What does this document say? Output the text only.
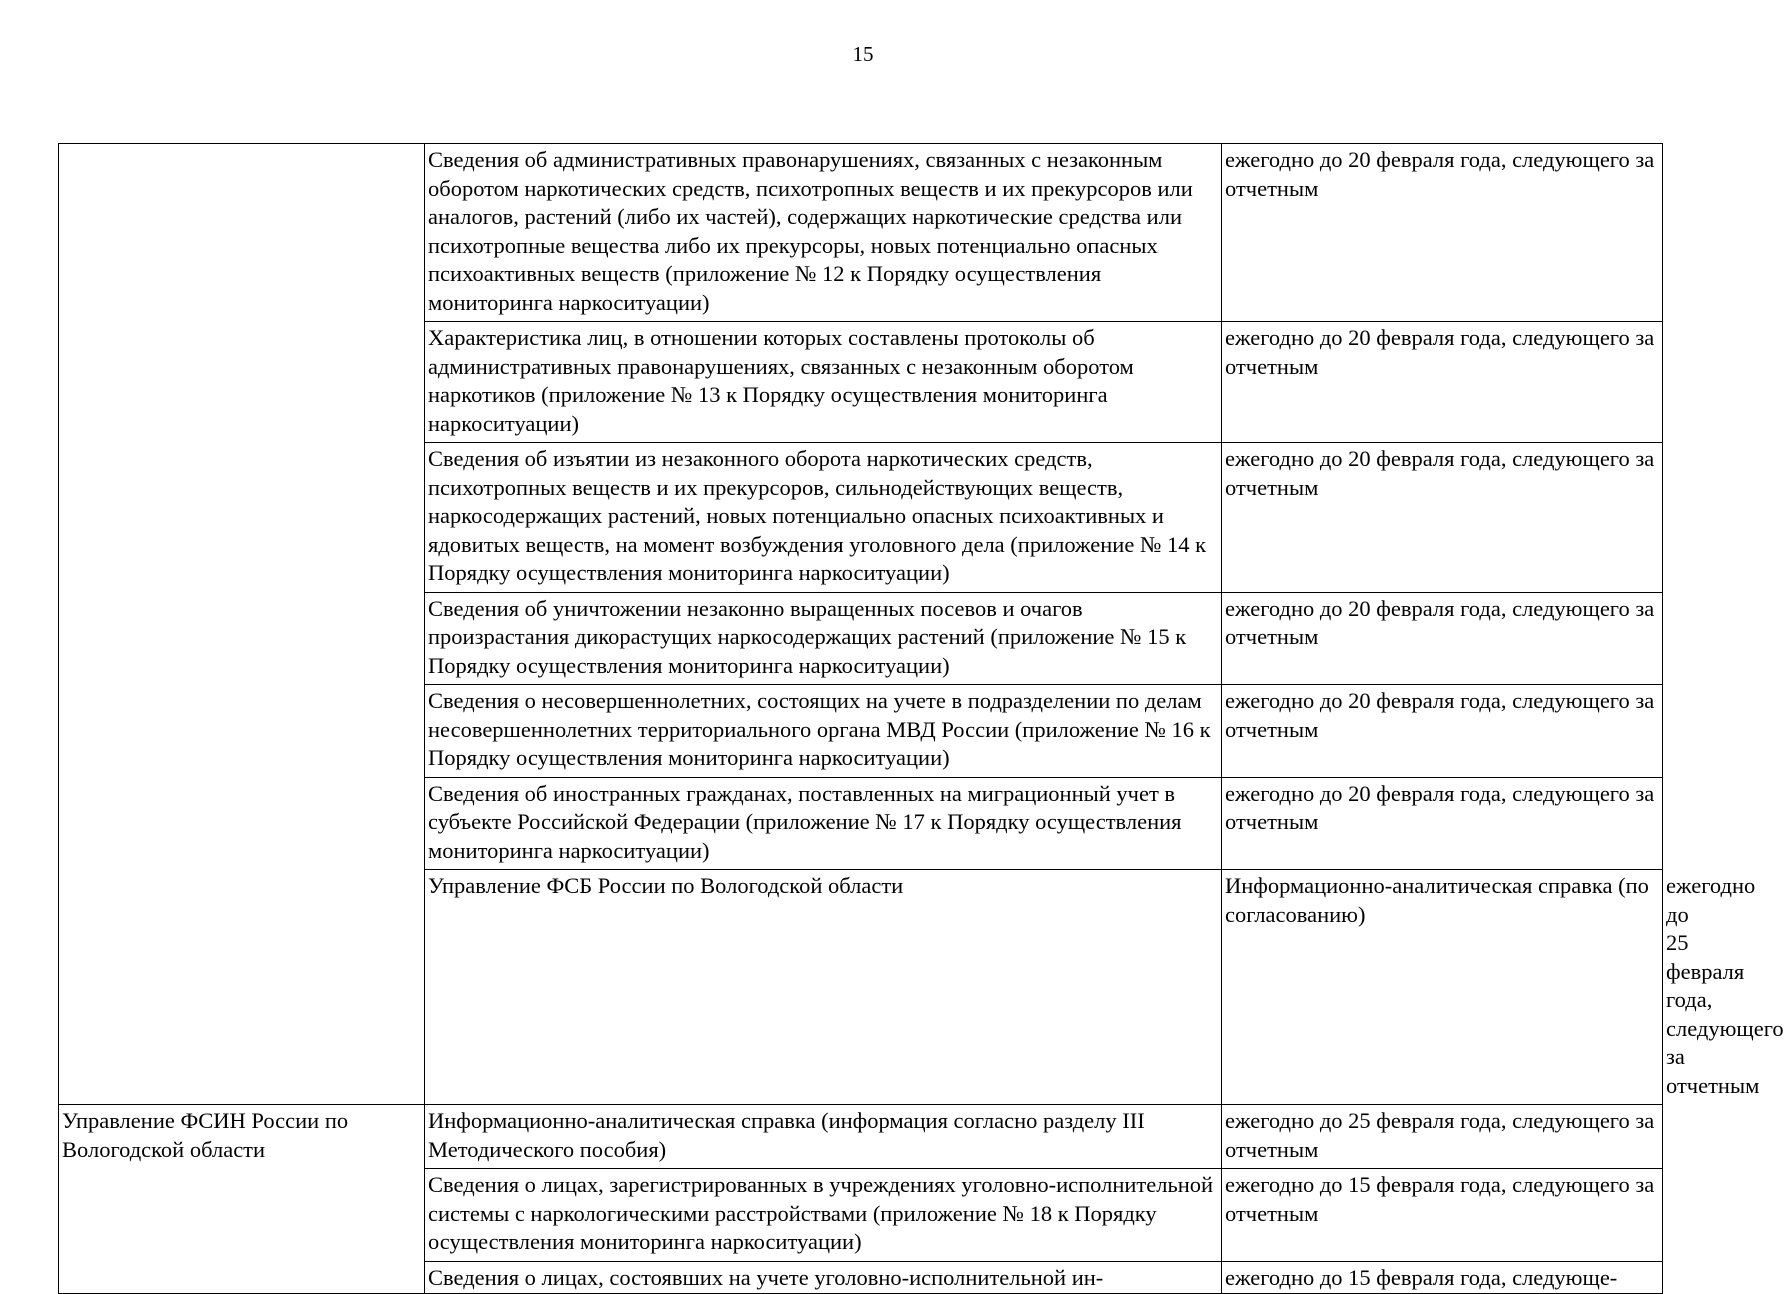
15
	Сведения об административных правонарушениях, связанных с незаконным оборотом наркотических средств, психотропных веществ и их прекурсоров или аналогов, растений (либо их частей), содержащих наркотические средства или психотропные вещества либо их прекурсоры, новых потенциально опасных психоактивных веществ (приложение № 12 к Порядку осуществления мониторинга наркоситуации)	ежегодно до 20 февраля года, следующего за отчетным	
	Характеристика лиц, в отношении которых составлены протоколы об административных правонарушениях, связанных с незаконным оборотом наркотиков (приложение № 13 к Порядку осуществления мониторинга наркоситуации)	ежегодно до 20 февраля года, следующего за отчетным	
	Сведения об изъятии из незаконного оборота наркотических средств, психотропных веществ и их прекурсоров, сильнодействующих веществ, наркосодержащих растений, новых потенциально опасных психоактивных и ядовитых веществ, на момент возбуждения уголовного дела (приложение № 14 к Порядку осуществления мониторинга наркоситуации)	ежегодно до 20 февраля года, следующего за отчетным	
	Сведения об уничтожении незаконно выращенных посевов и очагов произрастания дикорастущих наркосодержащих растений (приложение № 15 к Порядку осуществления мониторинга наркоситуации)	ежегодно до 20 февраля года, следующего за отчетным	
	Сведения о несовершеннолетних, состоящих на учете в подразделении по делам несовершеннолетних территориального органа МВД России (приложение № 16 к Порядку осуществления мониторинга наркоситуации)	ежегодно до 20 февраля года, следующего за отчетным	
	Сведения об иностранных гражданах, поставленных на миграционный учет в субъекте Российской Федерации (приложение № 17 к Порядку осуществления мониторинга наркоситуации)	ежегодно до 20 февраля года, следующего за отчетным	
	Управление ФСБ России по Вологодской области	Информационно-аналитическая справка (по согласованию)	ежегодно до 25 февраля года, следующего за отчетным
Управление ФСИН России по Вологодской области	Информационно-аналитическая справка (информация согласно разделу III Методического пособия)	ежегодно до 25 февраля года, следующего за отчетным	
	Сведения о лицах, зарегистрированных в учреждениях уголовно-исполнительной системы с наркологическими расстройствами (приложение № 18 к Порядку осуществления мониторинга наркоситуации)	ежегодно до 15 февраля года, следующего за отчетным	
	Сведения о лицах, состоявших на учете уголовно-исполнительной ин-	ежегодно до 15 февраля года, следующе-	
